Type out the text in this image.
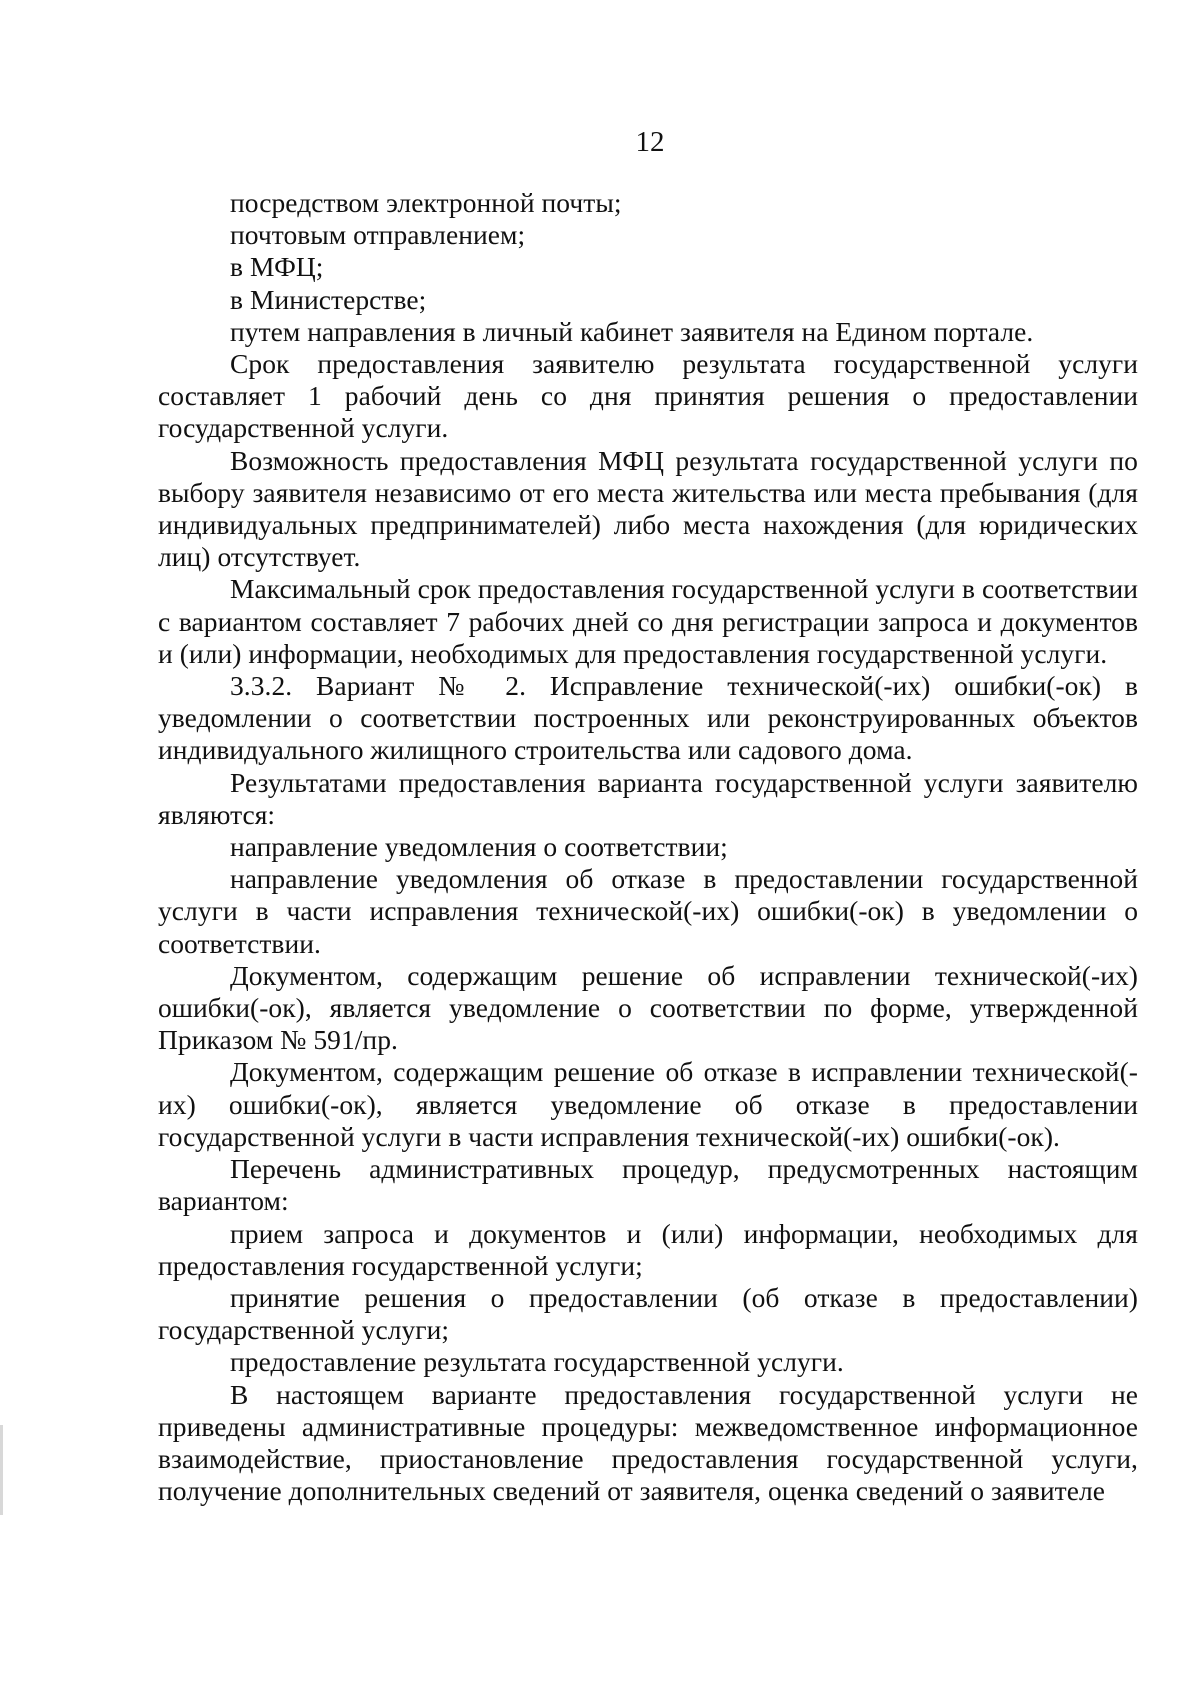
12

посредством электронной почты;

почтовым отправлением;

в МФЦ;

в Министерстве;

путем направления в личный кабинет заявителя на Едином портале.

Срок предоставления заявителю результата государственной услуги составляет 1 рабочий день со дня принятия решения о предоставлении государственной услуги.

Возможность предоставления МФЦ результата государственной услуги по выбору заявителя независимо от его места жительства или места пребывания (для индивидуальных предпринимателей) либо места нахождения (для юридических лиц) отсутствует.

Максимальный срок предоставления государственной услуги в соответствии с вариантом составляет 7 рабочих дней со дня регистрации запроса и документов и (или) информации, необходимых для предоставления государственной услуги.

3.3.2. Вариант № 2. Исправление технической(-их) ошибки(-ок) в уведомлении о соответствии построенных или реконструированных объектов индивидуального жилищного строительства или садового дома.

Результатами предоставления варианта государственной услуги заявителю являются:

направление уведомления о соответствии;

направление уведомления об отказе в предоставлении государственной услуги в части исправления технической(-их) ошибки(-ок) в уведомлении о соответствии.

Документом, содержащим решение об исправлении технической(-их) ошибки(-ок), является уведомление о соответствии по форме, утвержденной Приказом № 591/пр.

Документом, содержащим решение об отказе в исправлении технической(-их) ошибки(-ок), является уведомление об отказе в предоставлении государственной услуги в части исправления технической(-их) ошибки(-ок).

Перечень административных процедур, предусмотренных настоящим вариантом:

прием запроса и документов и (или) информации, необходимых для предоставления государственной услуги;

принятие решения о предоставлении (об отказе в предоставлении) государственной услуги;

предоставление результата государственной услуги.

В настоящем варианте предоставления государственной услуги не приведены административные процедуры: межведомственное информационное взаимодействие, приостановление предоставления государственной услуги, получение дополнительных сведений от заявителя, оценка сведений о заявителе
